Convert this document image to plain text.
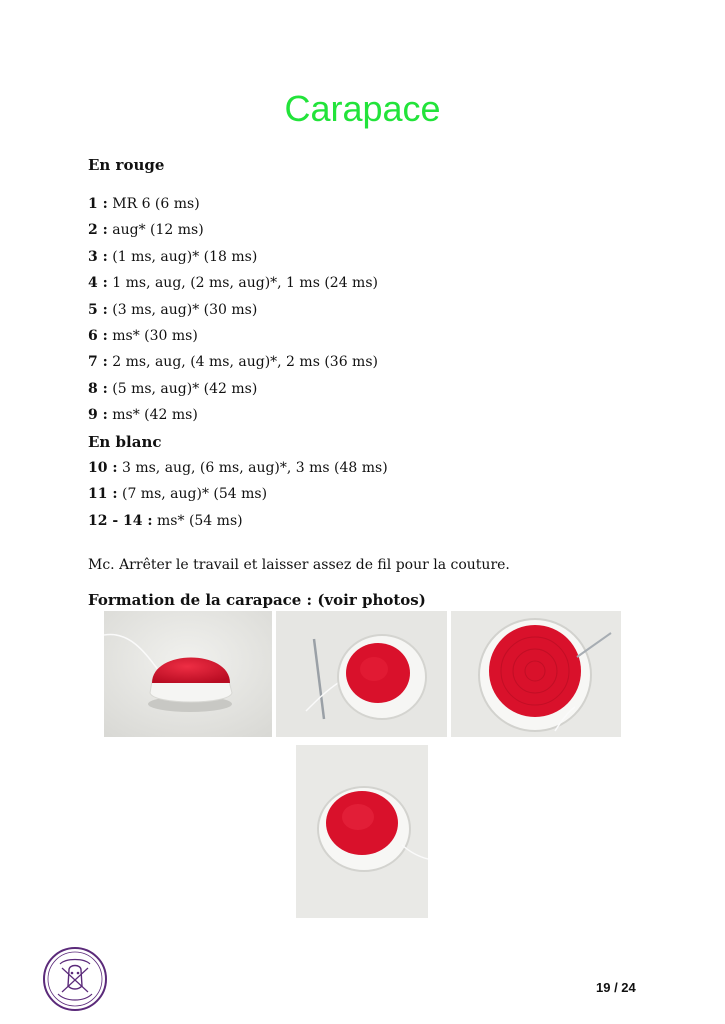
Carapace
En rouge
1 : MR 6 (6 ms)
2 : aug* (12 ms)
3 : (1 ms, aug)* (18 ms)
4 : 1 ms, aug, (2 ms, aug)*, 1 ms (24 ms)
5 : (3 ms, aug)* (30 ms)
6 : ms* (30 ms)
7 : 2 ms, aug, (4 ms, aug)*, 2 ms (36 ms)
8 : (5 ms, aug)* (42 ms)
9 : ms* (42 ms)
En blanc
10 : 3 ms, aug, (6 ms, aug)*, 3 ms (48 ms)
11 : (7 ms, aug)* (54 ms)
12 - 14 : ms* (54 ms)
Mc. Arrêter le travail et laisser assez de fil pour la couture.
Formation de la carapace : (voir photos)
19 / 24
